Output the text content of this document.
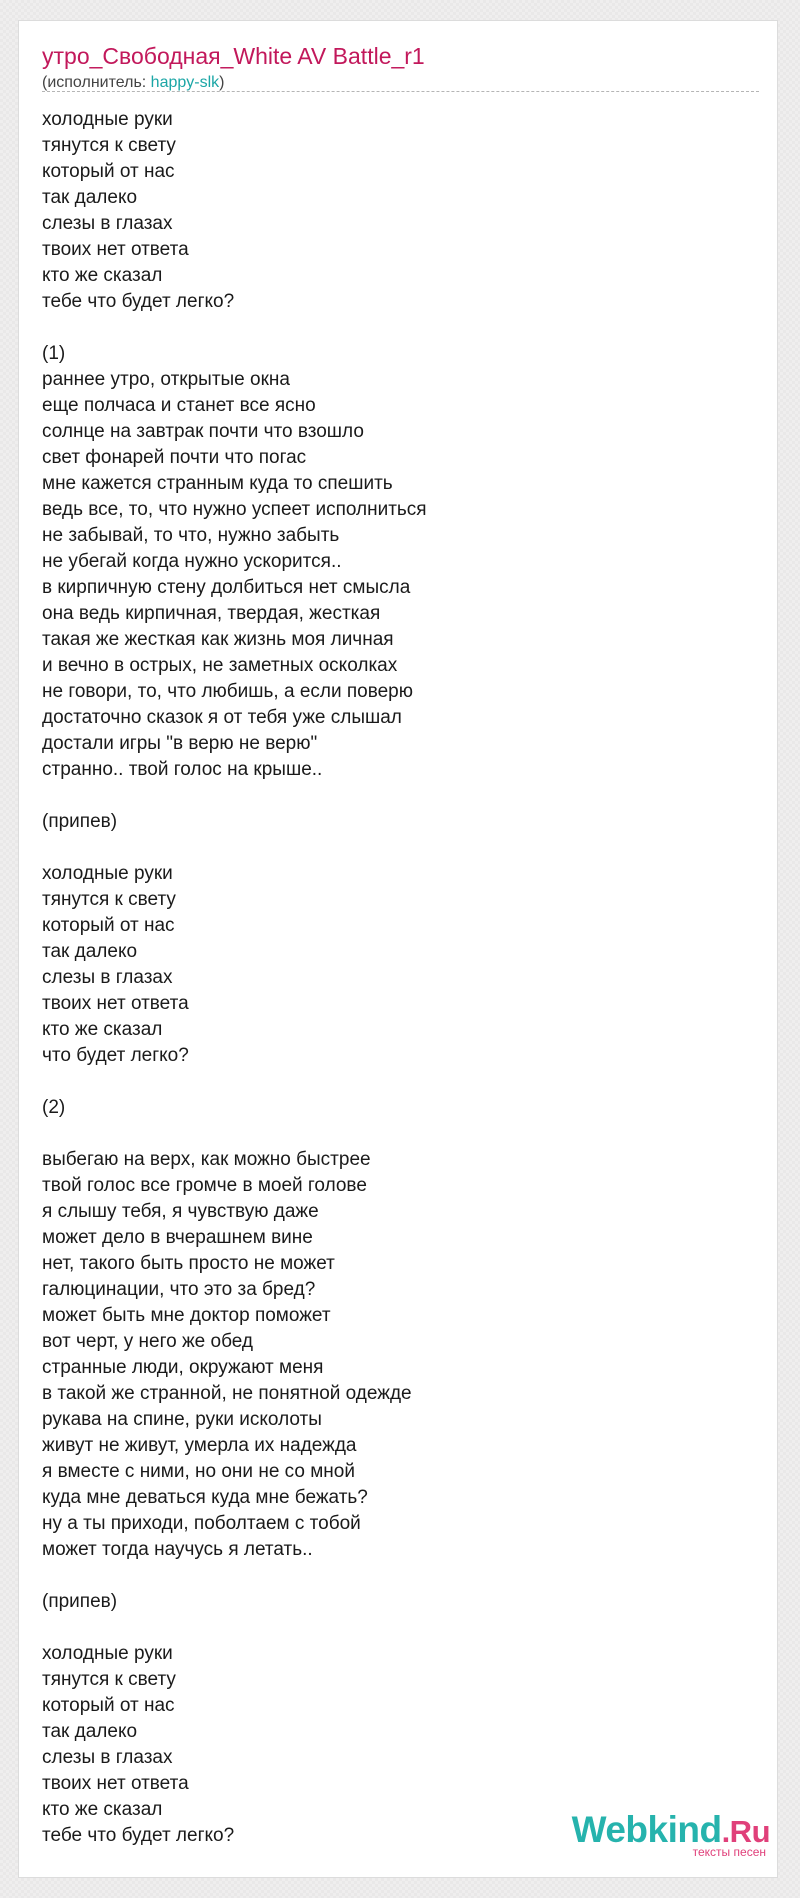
утро_Свободная_White AV Battle_r1
(исполнитель: happy-slk)
холодные руки
тянутся к свету
который от нас
так далеко
слезы в глазах
твоих нет ответа
кто же сказал
тебе что будет легко?
(1)
раннее утро, открытые окна
еще полчаса и станет все ясно
солнце на завтрак почти что взошло
свет фонарей почти что погас
мне кажется странным куда то спешить
ведь все, то, что нужно успеет исполниться
не забывай, то что, нужно забыть
не убегай когда нужно ускорится..
в кирпичную стену долбиться нет смысла
она ведь кирпичная, твердая, жесткая
такая же жесткая как жизнь моя личная
и вечно в острых, не заметных осколках
не говори, то, что любишь, а если поверю
достаточно сказок я от тебя уже слышал
достали игры "в верю не верю"
странно.. твой голос на крыше..
(припев)
холодные руки
тянутся к свету
который от нас
так далеко
слезы в глазах
твоих нет ответа
кто же сказал
что будет легко?
(2)
выбегаю на верх, как можно быстрее
твой голос все громче в моей голове
я слышу тебя, я чувствую даже
может дело в вчерашнем вине
нет, такого быть просто не может
галюцинации, что это за бред?
может быть мне доктор поможет
вот черт, у него же обед
странные люди, окружают меня
в такой же странной, не понятной одежде
рукава на спине, руки исколоты
живут не живут, умерла их надежда
я вместе с ними, но они не со мной
куда мне деваться куда мне бежать?
ну а ты приходи, поболтаем с тобой
может тогда научусь я летать..
(припев)
холодные руки
тянутся к свету
который от нас
так далеко
слезы в глазах
твоих нет ответа
кто же сказал
тебе что будет легко?	Webkind.Ru
тексты песен
